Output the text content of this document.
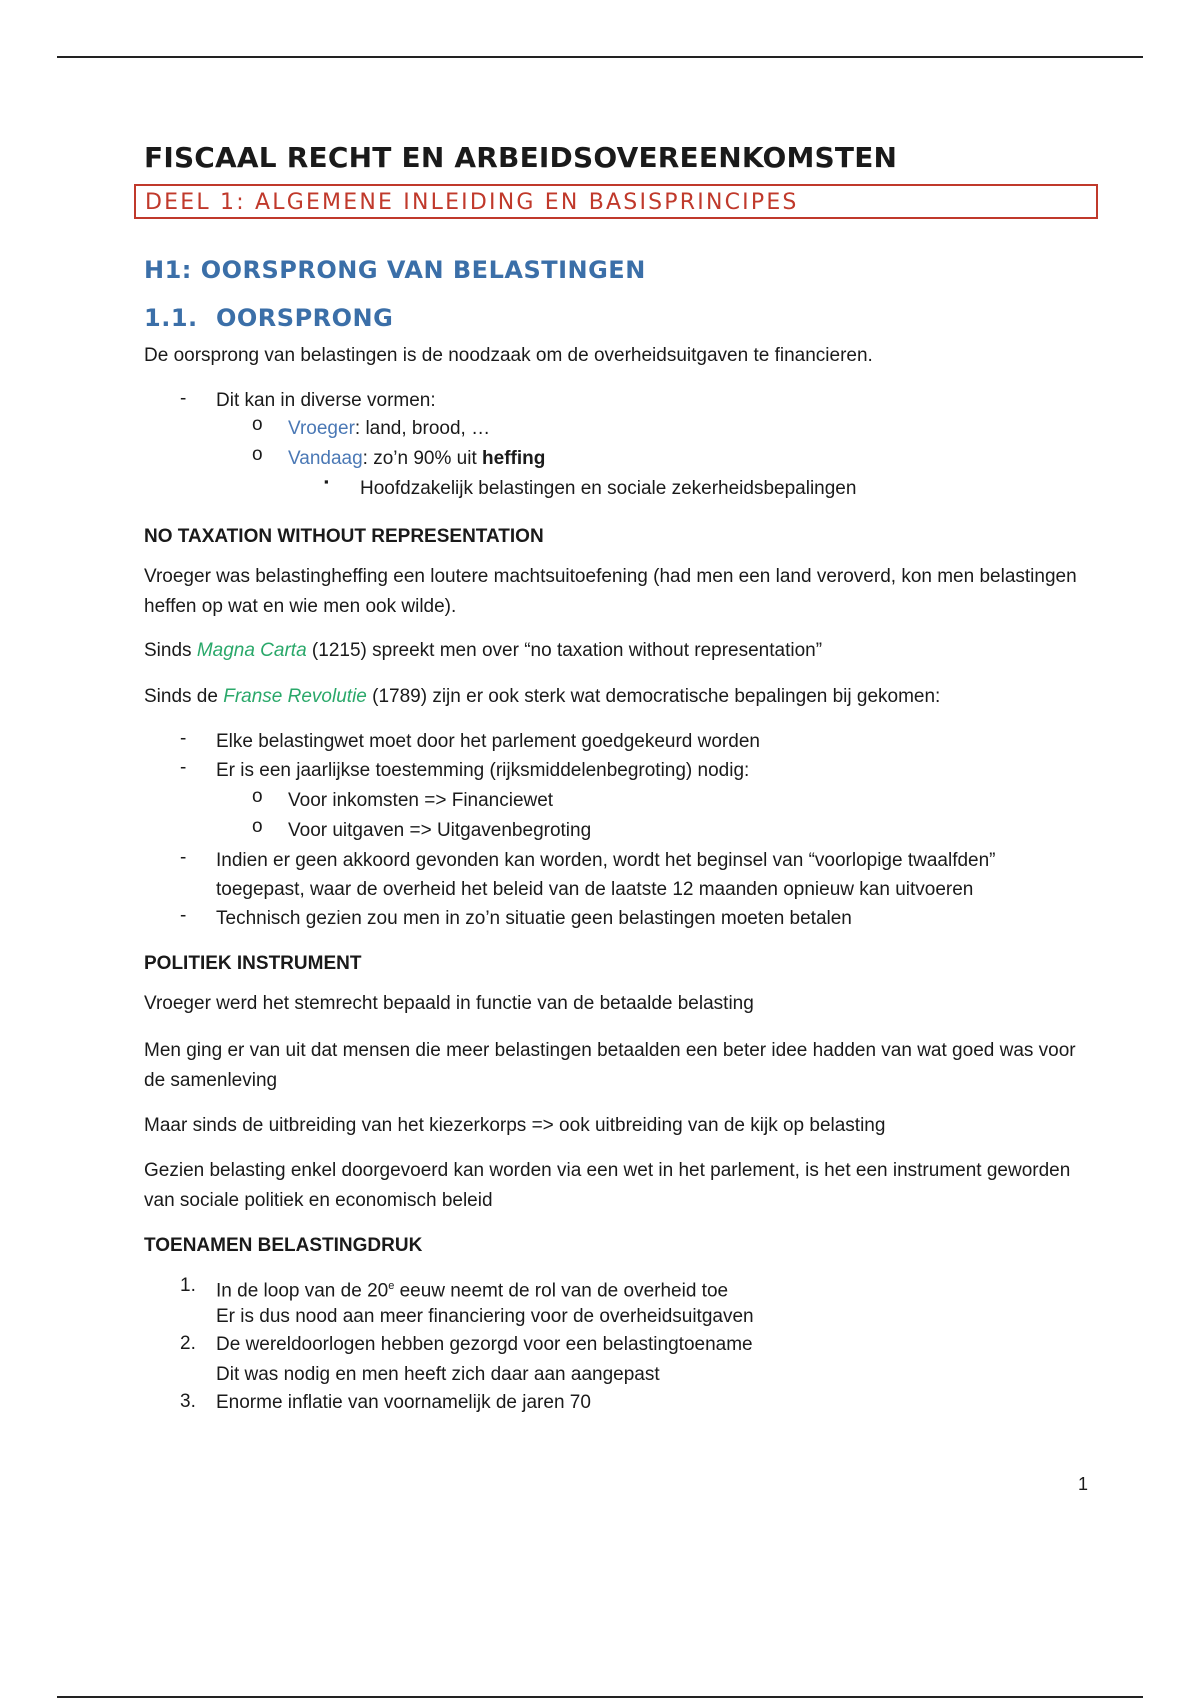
FISCAAL RECHT EN ARBEIDSOVEREENKOMSTEN
DEEL 1: ALGEMENE INLEIDING EN BASISPRINCIPES
H1: OORSPRONG VAN BELASTINGEN
1.1. OORSPRONG
De oorsprong van belastingen is de noodzaak om de overheidsuitgaven te financieren.
- Dit kan in diverse vormen:
o Vroeger: land, brood, …
o Vandaag: zo’n 90% uit heffing
▪ Hoofdzakelijk belastingen en sociale zekerheidsbepalingen
NO TAXATION WITHOUT REPRESENTATION
Vroeger was belastingheffing een loutere machtsuitoefening (had men een land veroverd, kon men belastingen heffen op wat en wie men ook wilde).
Sinds Magna Carta (1215) spreekt men over “no taxation without representation”
Sinds de Franse Revolutie (1789) zijn er ook sterk wat democratische bepalingen bij gekomen:
- Elke belastingwet moet door het parlement goedgekeurd worden
- Er is een jaarlijkse toestemming (rijksmiddelenbegroting) nodig:
o Voor inkomsten => Financiewet
o Voor uitgaven => Uitgavenbegroting
- Indien er geen akkoord gevonden kan worden, wordt het beginsel van “voorlopige twaalfden”
toegepast, waar de overheid het beleid van de laatste 12 maanden opnieuw kan uitvoeren
- Technisch gezien zou men in zo’n situatie geen belastingen moeten betalen
POLITIEK INSTRUMENT
Vroeger werd het stemrecht bepaald in functie van de betaalde belasting
Men ging er van uit dat mensen die meer belastingen betaalden een beter idee hadden van wat goed was voor de samenleving
Maar sinds de uitbreiding van het kiezerkorps => ook uitbreiding van de kijk op belasting
Gezien belasting enkel doorgevoerd kan worden via een wet in het parlement, is het een instrument geworden van sociale politiek en economisch beleid
TOENAMEN BELASTINGDRUK
1. In de loop van de 20e eeuw neemt de rol van de overheid toe
Er is dus nood aan meer financiering voor de overheidsuitgaven
2. De wereldoorlogen hebben gezorgd voor een belastingtoename
Dit was nodig en men heeft zich daar aan aangepast
3. Enorme inflatie van voornamelijk de jaren 70
1
